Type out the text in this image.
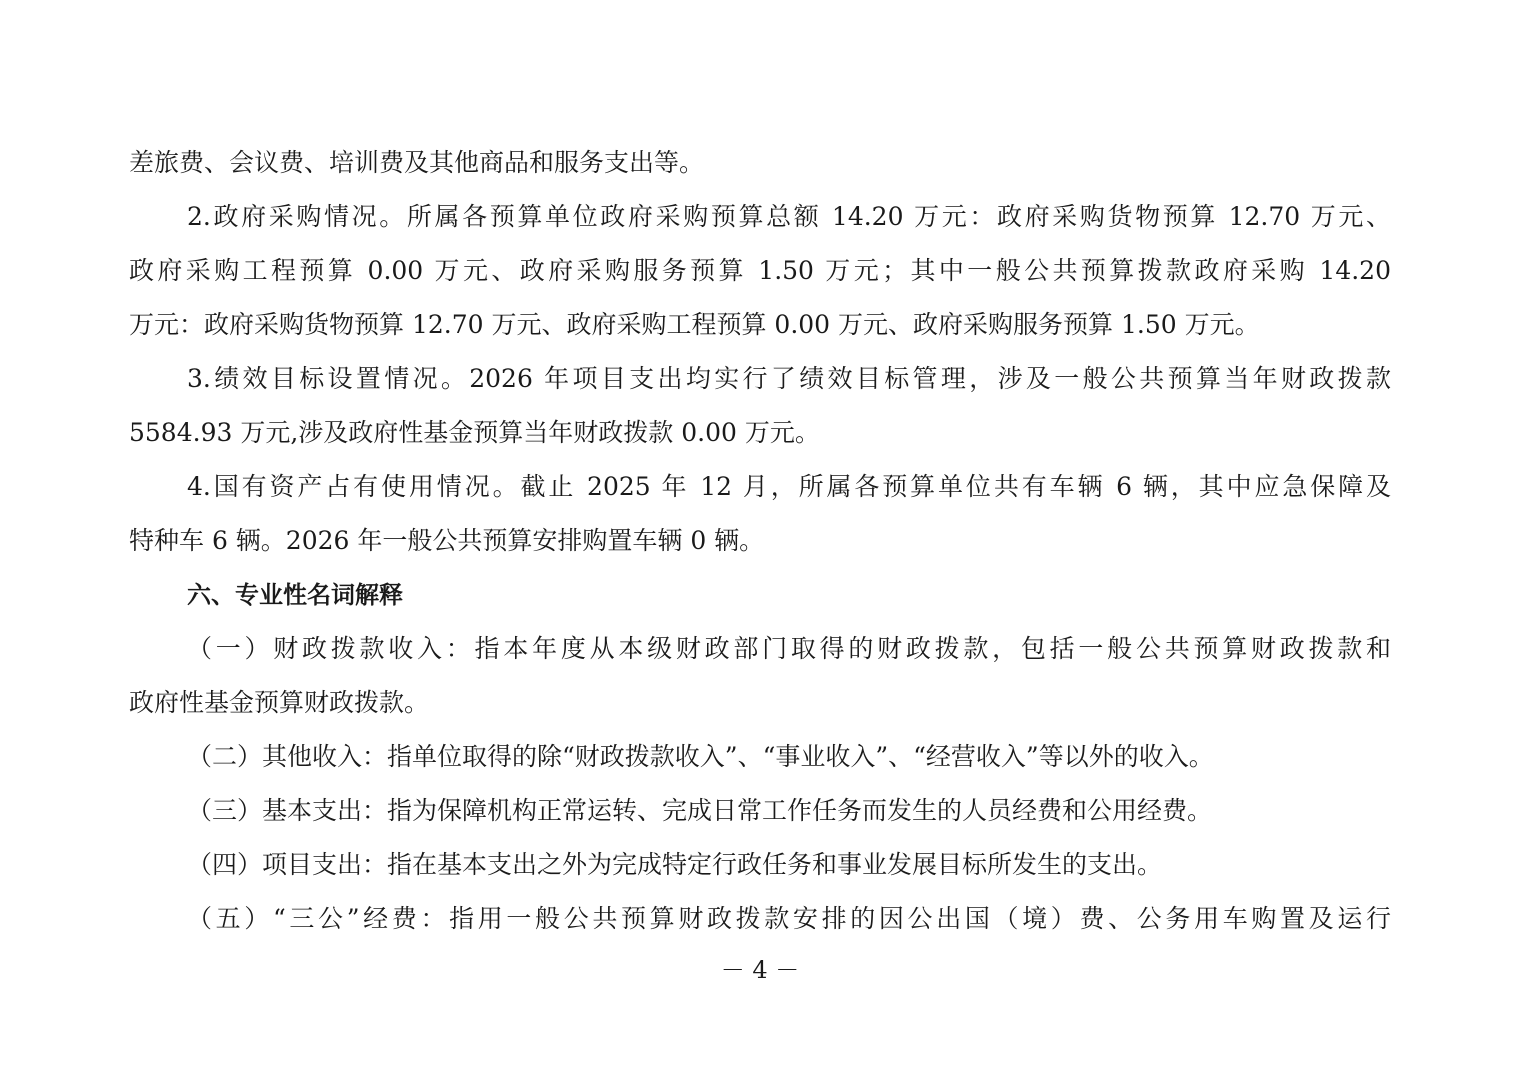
差旅费、会议费、培训费及其他商品和服务支出等。
2.政府采购情况。所属各预算单位政府采购预算总额 14.20 万元：政府采购货物预算 12.70 万元、
政府采购工程预算 0.00 万元、政府采购服务预算 1.50 万元；其中一般公共预算拨款政府采购 14.20
万元：政府采购货物预算 12.70 万元、政府采购工程预算 0.00 万元、政府采购服务预算 1.50 万元。
3.绩效目标设置情况。2026 年项目支出均实行了绩效目标管理，涉及一般公共预算当年财政拨款
5584.93 万元,涉及政府性基金预算当年财政拨款 0.00 万元。
4.国有资产占有使用情况。截止 2025 年 12 月，所属各预算单位共有车辆 6 辆，其中应急保障及
特种车 6 辆。2026 年一般公共预算安排购置车辆 0 辆。
六、专业性名词解释
（一）财政拨款收入：指本年度从本级财政部门取得的财政拨款，包括一般公共预算财政拨款和
政府性基金预算财政拨款。
（二）其他收入：指单位取得的除“财政拨款收入”、“事业收入”、“经营收入”等以外的收入。
（三）基本支出：指为保障机构正常运转、完成日常工作任务而发生的人员经费和公用经费。
（四）项目支出：指在基本支出之外为完成特定行政任务和事业发展目标所发生的支出。
（五）“三公”经费：指用一般公共预算财政拨款安排的因公出国（境）费、公务用车购置及运行
－ 4 －
